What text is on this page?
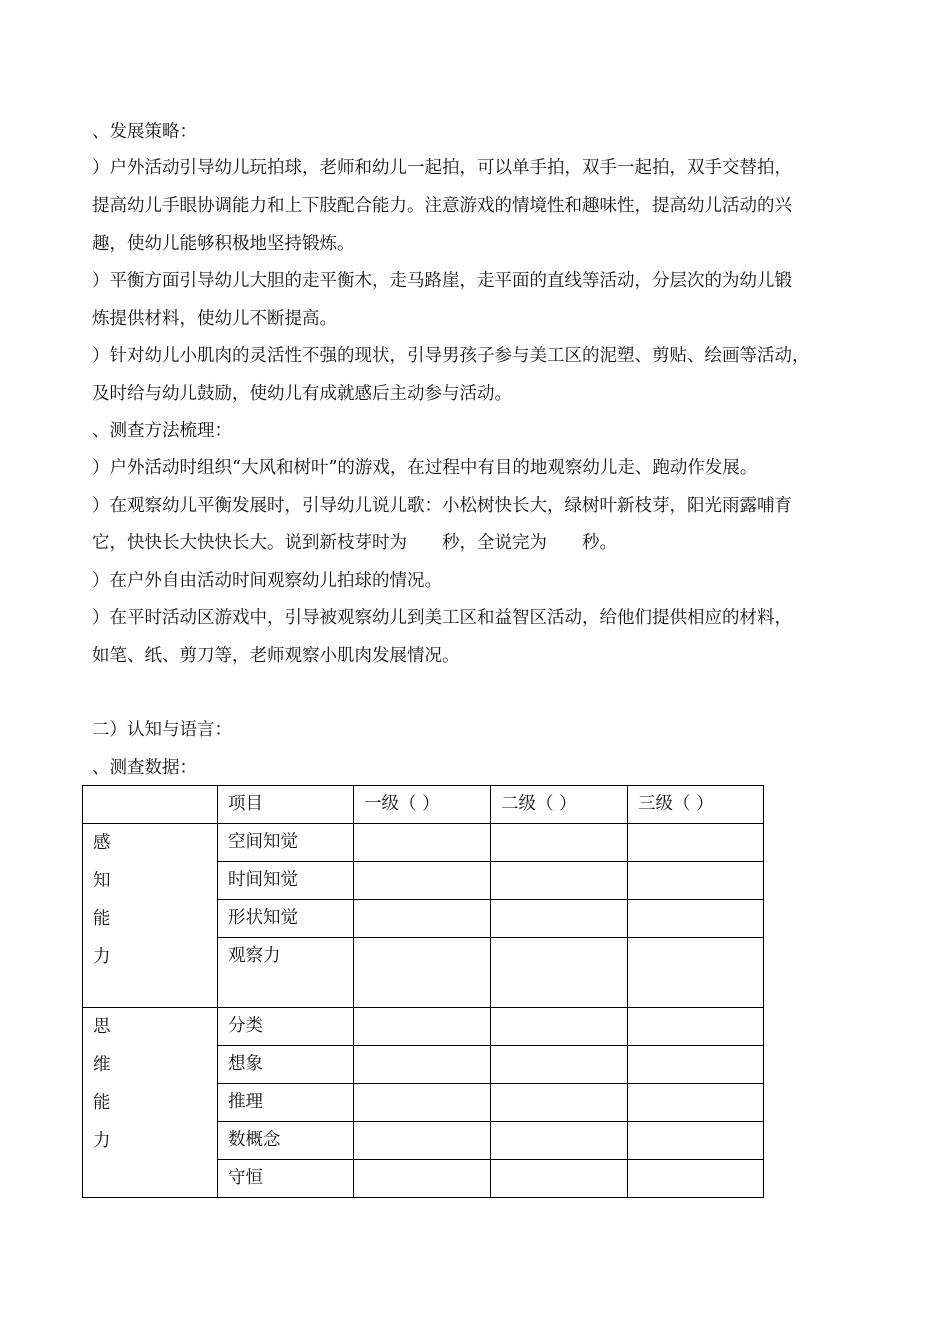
、发展策略：
）户外活动引导幼儿玩拍球，老师和幼儿一起拍，可以单手拍，双手一起拍，双手交替拍，
提高幼儿手眼协调能力和上下肢配合能力。注意游戏的情境性和趣味性，提高幼儿活动的兴
趣，使幼儿能够积极地坚持锻炼。
）平衡方面引导幼儿大胆的走平衡木，走马路崖，走平面的直线等活动，分层次的为幼儿锻
炼提供材料，使幼儿不断提高。
）针对幼儿小肌肉的灵活性不强的现状，引导男孩子参与美工区的泥塑、剪贴、绘画等活动，
及时给与幼儿鼓励，使幼儿有成就感后主动参与活动。
、测查方法梳理：
）户外活动时组织“大风和树叶”的游戏，在过程中有目的地观察幼儿走、跑动作发展。
）在观察幼儿平衡发展时，引导幼儿说儿歌：小松树快长大，绿树叶新枝芽，阳光雨露哺育
它，快快长大快快长大。说到新枝芽时为　　秒，全说完为　　秒。
）在户外自由活动时间观察幼儿拍球的情况。
）在平时活动区游戏中，引导被观察幼儿到美工区和益智区活动，给他们提供相应的材料，
如笔、纸、剪刀等，老师观察小肌肉发展情况。
二）认知与语言：
、测查数据：
	项目	一级（ ）	二级（ ）	三级（ ）

感
知
能
力	空间知觉			
	时间知觉			
	形状知觉			
	观察力			

思
维
能
力	分类			
	想象			
	推理			
	数概念			
	守恒			
